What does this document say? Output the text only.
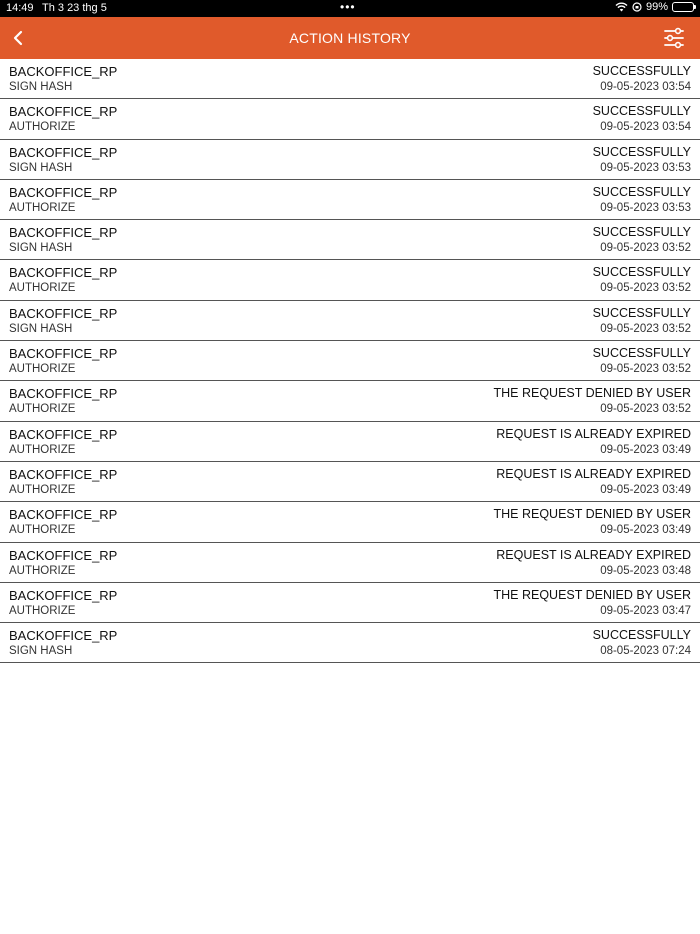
14:49 Th 3 23 thg 5	•••	99%
ACTION HISTORY
BACKOFFICE_RP
SIGN HASH
SUCCESSFULLY
09-05-2023 03:54
BACKOFFICE_RP
AUTHORIZE
SUCCESSFULLY
09-05-2023 03:54
BACKOFFICE_RP
SIGN HASH
SUCCESSFULLY
09-05-2023 03:53
BACKOFFICE_RP
AUTHORIZE
SUCCESSFULLY
09-05-2023 03:53
BACKOFFICE_RP
SIGN HASH
SUCCESSFULLY
09-05-2023 03:52
BACKOFFICE_RP
AUTHORIZE
SUCCESSFULLY
09-05-2023 03:52
BACKOFFICE_RP
SIGN HASH
SUCCESSFULLY
09-05-2023 03:52
BACKOFFICE_RP
AUTHORIZE
SUCCESSFULLY
09-05-2023 03:52
BACKOFFICE_RP
AUTHORIZE
THE REQUEST DENIED BY USER
09-05-2023 03:52
BACKOFFICE_RP
AUTHORIZE
REQUEST IS ALREADY EXPIRED
09-05-2023 03:49
BACKOFFICE_RP
AUTHORIZE
REQUEST IS ALREADY EXPIRED
09-05-2023 03:49
BACKOFFICE_RP
AUTHORIZE
THE REQUEST DENIED BY USER
09-05-2023 03:49
BACKOFFICE_RP
AUTHORIZE
REQUEST IS ALREADY EXPIRED
09-05-2023 03:48
BACKOFFICE_RP
AUTHORIZE
THE REQUEST DENIED BY USER
09-05-2023 03:47
BACKOFFICE_RP
SIGN HASH
SUCCESSFULLY
08-05-2023 07:24
